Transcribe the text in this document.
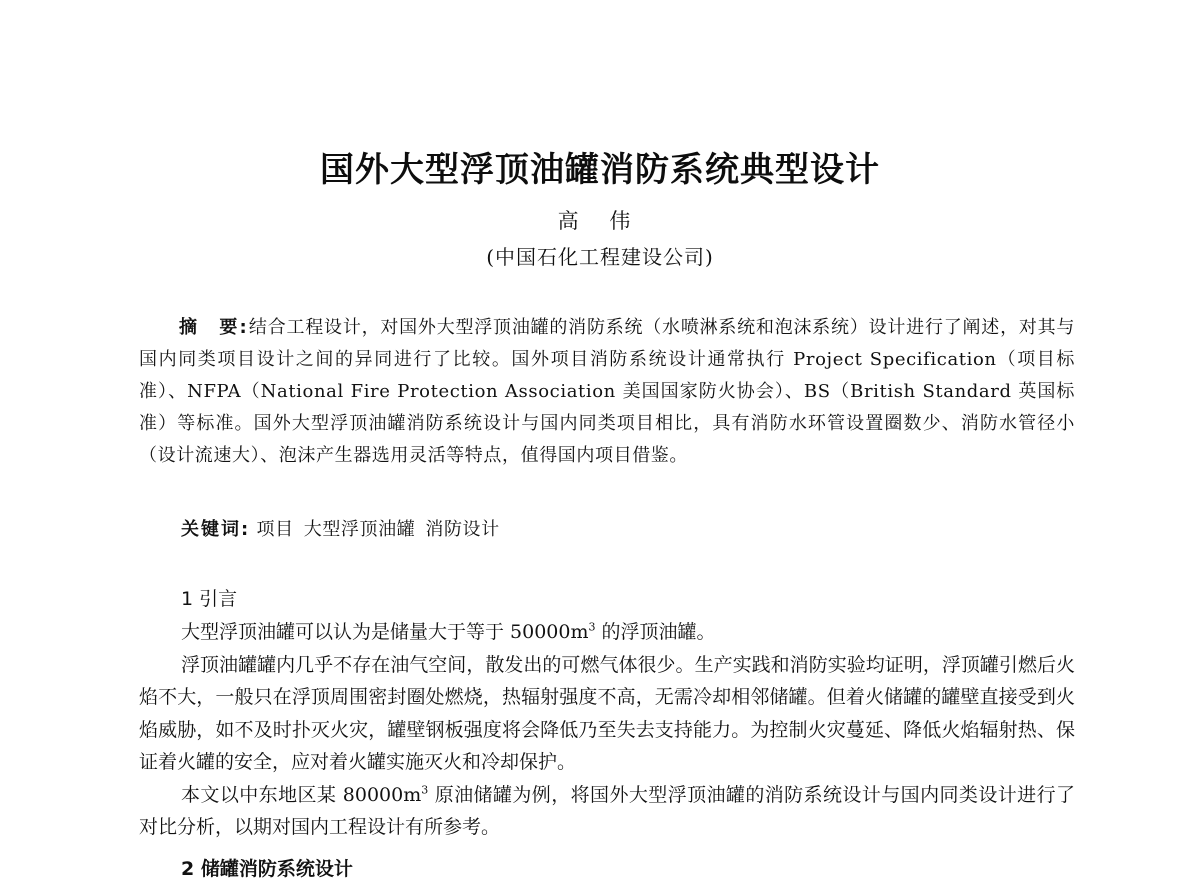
国外大型浮顶油罐消防系统典型设计
高 伟
(中国石化工程建设公司)
摘　要:结合工程设计，对国外大型浮顶油罐的消防系统（水喷淋系统和泡沫系统）设计进行了阐述，对其与国内同类项目设计之间的异同进行了比较。国外项目消防系统设计通常执行 Project Specification（项目标准）、NFPA（National Fire Protection Association 美国国家防火协会）、BS（British Standard 英国标准）等标准。国外大型浮顶油罐消防系统设计与国内同类项目相比，具有消防水环管设置圈数少、消防水管径小（设计流速大）、泡沫产生器选用灵活等特点，值得国内项目借鉴。
关键词: 项目 大型浮顶油罐 消防设计
1 引言

大型浮顶油罐可以认为是储量大于等于 $50000m^3$ 的浮顶油罐。

浮顶油罐罐内几乎不存在油气空间，散发出的可燃气体很少。生产实践和消防实验均证明，浮顶罐引燃后火焰不大，一般只在浮顶周围密封圈处燃烧，热辐射强度不高，无需冷却相邻储罐。但着火储罐的罐壁直接受到火焰威胁，如不及时扑灭火灾，罐壁钢板强度将会降低乃至失去支持能力。为控制火灾蔓延、降低火焰辐射热、保证着火罐的安全，应对着火罐实施灭火和冷却保护。

本文以中东地区某 $80000m^3$ 原油储罐为例，将国外大型浮顶油罐的消防系统设计与国内同类设计进行了对比分析，以期对国内工程设计有所参考。

2 储罐消防系统设计
